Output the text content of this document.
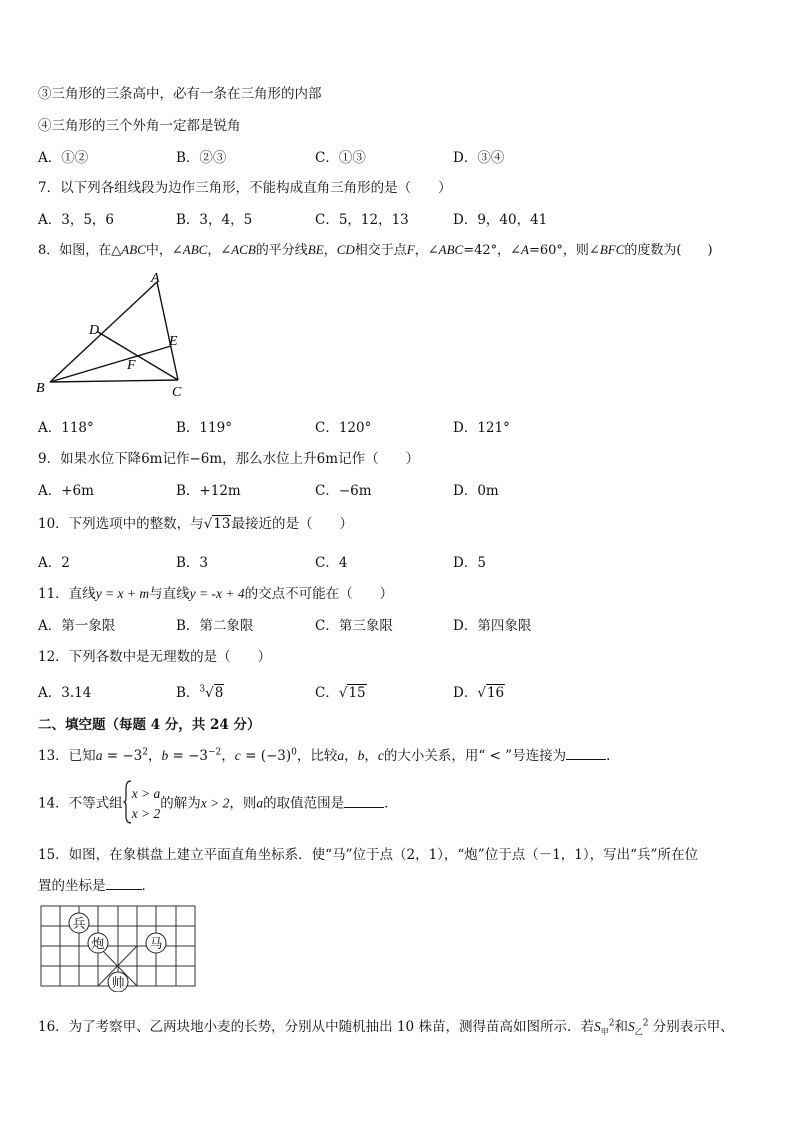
③三角形的三条高中，必有一条在三角形的内部
④三角形的三个外角一定都是锐角
A．①②	B．②③	C．①③	D．③④
7．以下列各组线段为边作三角形，不能构成直角三角形的是（　　）
A．3，5，6	B．3，4，5	C．5，12，13	D．9，40，41
8．如图，在△ABC中，∠ABC，∠ACB的平分线BE，CD相交于点F，∠ABC=42°，∠A=60°，则∠BFC的度数为(　　)
A
B	C
D
E
F
A．118°	B．119°	C．120°	D．121°
9．如果水位下降6m记作−6m，那么水位上升6m记作（　　）
A．+6m	B．+12m	C．−6m	D．0m
10．下列选项中的整数，与√13最接近的是（　　）
A．2	B．3	C．4	D．5
11．直线y = x + m与直线y = -x + 4的交点不可能在（　　）
A．第一象限	B．第二象限	C．第三象限	D．第四象限
12．下列各数中是无理数的是（　　）
A．3.14	B．$^3$√8	C．√15	D．√16
二、填空题（每题 4 分，共 24 分）
13．已知$a = -3^2$，$b = -3^{-2}$，$c = (-3)^0$，比较a，b，c的大小关系，用“ < ”号连接为	．
14．不等式组x > a
x > 2的解为x > 2，则a的取值范围是	．
15．如图，在象棋盘上建立平面直角坐标系．使“马”位于点（2，1），“炮”位于点（－1，1），写出“兵”所在位
置的坐标是	．
兵
炮	马
帅
16．为了考察甲、乙两块地小麦的长势，分别从中随机抽出 10 株苗，测得苗高如图所示．若$S_甲^2$和$S_乙^2$ 分别表示甲、
